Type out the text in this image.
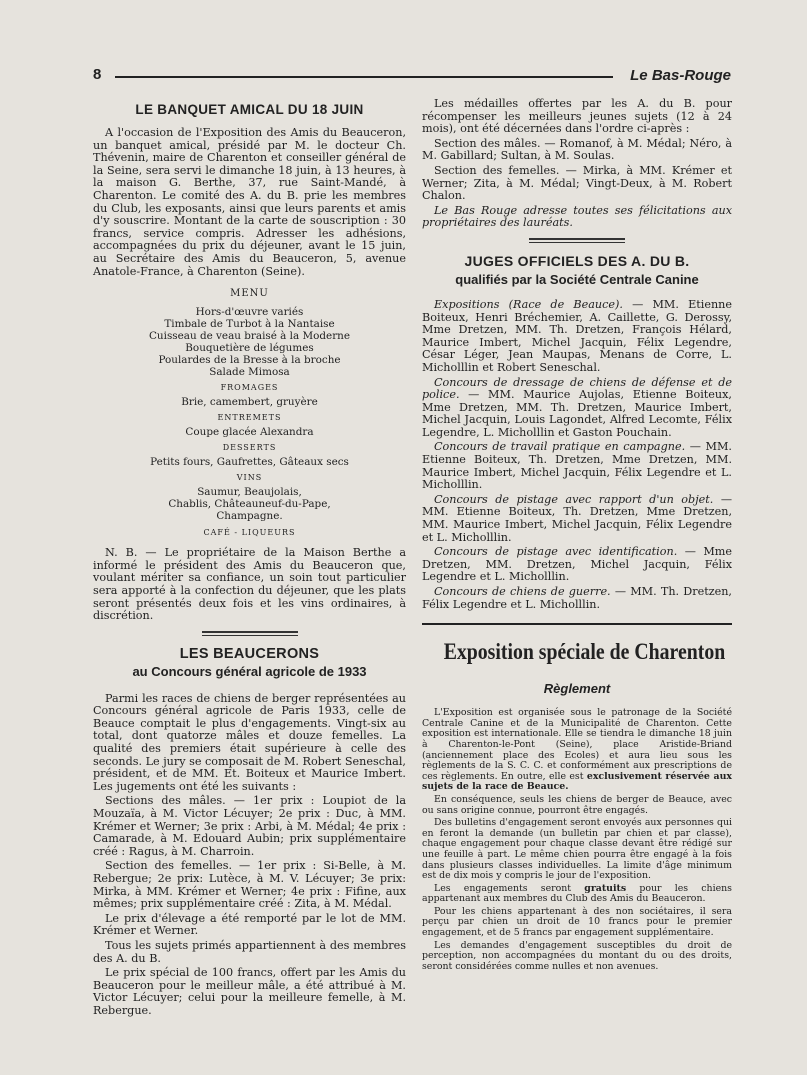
8	Le Bas-Rouge
LE BANQUET AMICAL DU 18 JUIN

A l'occasion de l'Exposition des Amis du Beauceron, un banquet amical, présidé par M. le docteur Ch. Thévenin, maire de Charenton et conseiller général de la Seine, sera servi le dimanche 18 juin, à 13 heures, à la maison G. Berthe, 37, rue Saint-Mandé, à Charenton. Le comité des A. du B. prie les membres du Club, les exposants, ainsi que leurs parents et amis d'y souscrire. Montant de la carte de souscription : 30 francs, service compris. Adresser les adhésions, accompagnées du prix du déjeuner, avant le 15 juin, au Secrétaire des Amis du Beauceron, 5, avenue Anatole-France, à Charenton (Seine).

MENU
Hors-d'œuvre variés
Timbale de Turbot à la Nantaise
Cuisseau de veau braisé à la Moderne
Bouquetière de légumes
Poulardes de la Bresse à la broche
Salade Mimosa
FROMAGES
Brie, camembert, gruyère
ENTREMETS
Coupe glacée Alexandra
DESSERTS
Petits fours, Gaufrettes, Gâteaux secs
VINS
Saumur, Beaujolais,
Chablis, Châteauneuf-du-Pape,
Champagne.
CAFÉ - LIQUEURS

N. B. — Le propriétaire de la Maison Berthe a informé le président des Amis du Beauceron que, voulant mériter sa confiance, un soin tout particulier sera apporté à la confection du déjeuner, que les plats seront présentés deux fois et les vins ordinaires, à discrétion.

LES BEAUCERONS
au Concours général agricole de 1933

Parmi les races de chiens de berger représentées au Concours général agricole de Paris 1933, celle de Beauce comptait le plus d'engagements. Vingt-six au total, dont quatorze mâles et douze femelles. La qualité des premiers était supérieure à celle des seconds. Le jury se composait de M. Robert Seneschal, président, et de MM. Et. Boiteux et Maurice Imbert. Les jugements ont été les suivants :

Sections des mâles. — 1er prix : Loupiot de la Mouzaïa, à M. Victor Lécuyer; 2e prix : Duc, à MM. Krémer et Werner; 3e prix : Arbi, à M. Médal; 4e prix : Camarade, à M. Edouard Aubin; prix supplémentaire créé : Ragus, à M. Charroin.

Section des femelles. — 1er prix : Si-Belle, à M. Rebergue; 2e prix: Lutèce, à M. V. Lécuyer; 3e prix: Mirka, à MM. Krémer et Werner; 4e prix : Fifine, aux mêmes; prix supplémentaire créé : Zita, à M. Médal.

Le prix d'élevage a été remporté par le lot de MM. Krémer et Werner.

Tous les sujets primés appartiennent à des membres des A. du B.

Le prix spécial de 100 francs, offert par les Amis du Beauceron pour le meilleur mâle, a été attribué à M. Victor Lécuyer; celui pour la meilleure femelle, à M. Rebergue.

Les médailles offertes par les A. du B. pour récompenser les meilleurs jeunes sujets (12 à 24 mois), ont été décernées dans l'ordre ci-après :

Section des mâles. — Romanof, à M. Médal; Néro, à M. Gabillard; Sultan, à M. Soulas.

Section des femelles. — Mirka, à MM. Krémer et Werner; Zita, à M. Médal; Vingt-Deux, à M. Robert Chalon.

Le Bas Rouge adresse toutes ses félicitations aux propriétaires des lauréats.

JUGES OFFICIELS DES A. DU B.
qualifiés par la Société Centrale Canine

Expositions (Race de Beauce). — MM. Etienne Boiteux, Henri Bréchemier, A. Caillette, G. Derossy, Mme Dretzen, MM. Th. Dretzen, François Hélard, Maurice Imbert, Michel Jacquin, Félix Legendre, César Léger, Jean Maupas, Menans de Corre, L. Micholllin et Robert Seneschal.

Concours de dressage de chiens de défense et de police. — MM. Maurice Aujolas, Etienne Boiteux, Mme Dretzen, MM. Th. Dretzen, Maurice Imbert, Michel Jacquin, Louis Lagondet, Alfred Lecomte, Félix Legendre, L. Micholllin et Gaston Pouchain.

Concours de travail pratique en campagne. — MM. Etienne Boiteux, Th. Dretzen, Mme Dretzen, MM. Maurice Imbert, Michel Jacquin, Félix Legendre et L. Micholllin.

Concours de pistage avec rapport d'un objet. — MM. Etienne Boiteux, Th. Dretzen, Mme Dretzen, MM. Maurice Imbert, Michel Jacquin, Félix Legendre et L. Micholllin.

Concours de pistage avec identification. — Mme Dretzen, MM. Dretzen, Michel Jacquin, Félix Legendre et L. Micholllin.

Concours de chiens de guerre. — MM. Th. Dretzen, Félix Legendre et L. Micholllin.

Exposition spéciale de Charenton
Règlement

L'Exposition est organisée sous le patronage de la Société Centrale Canine et de la Municipalité de Charenton. Cette exposition est internationale. Elle se tiendra le dimanche 18 juin à Charenton-le-Pont (Seine), place Aristide-Briand (anciennement place des Ecoles) et aura lieu sous les règlements de la S. C. C. et conformément aux prescriptions de ces règlements. En outre, elle est exclusivement réservée aux sujets de la race de Beauce.

En conséquence, seuls les chiens de berger de Beauce, avec ou sans origine connue, pourront être engagés.

Des bulletins d'engagement seront envoyés aux personnes qui en feront la demande (un bulletin par chien et par classe), chaque engagement pour chaque classe devant être rédigé sur une feuille à part. Le même chien pourra être engagé à la fois dans plusieurs classes individuelles. La limite d'âge minimum est de dix mois y compris le jour de l'exposition.

Les engagements seront gratuits pour les chiens appartenant aux membres du Club des Amis du Beauceron.

Pour les chiens appartenant à des non sociétaires, il sera perçu par chien un droit de 10 francs pour le premier engagement, et de 5 francs par engagement supplémentaire.

Les demandes d'engagement susceptibles du droit de perception, non accompagnées du montant du ou des droits, seront considérées comme nulles et non avenues.
